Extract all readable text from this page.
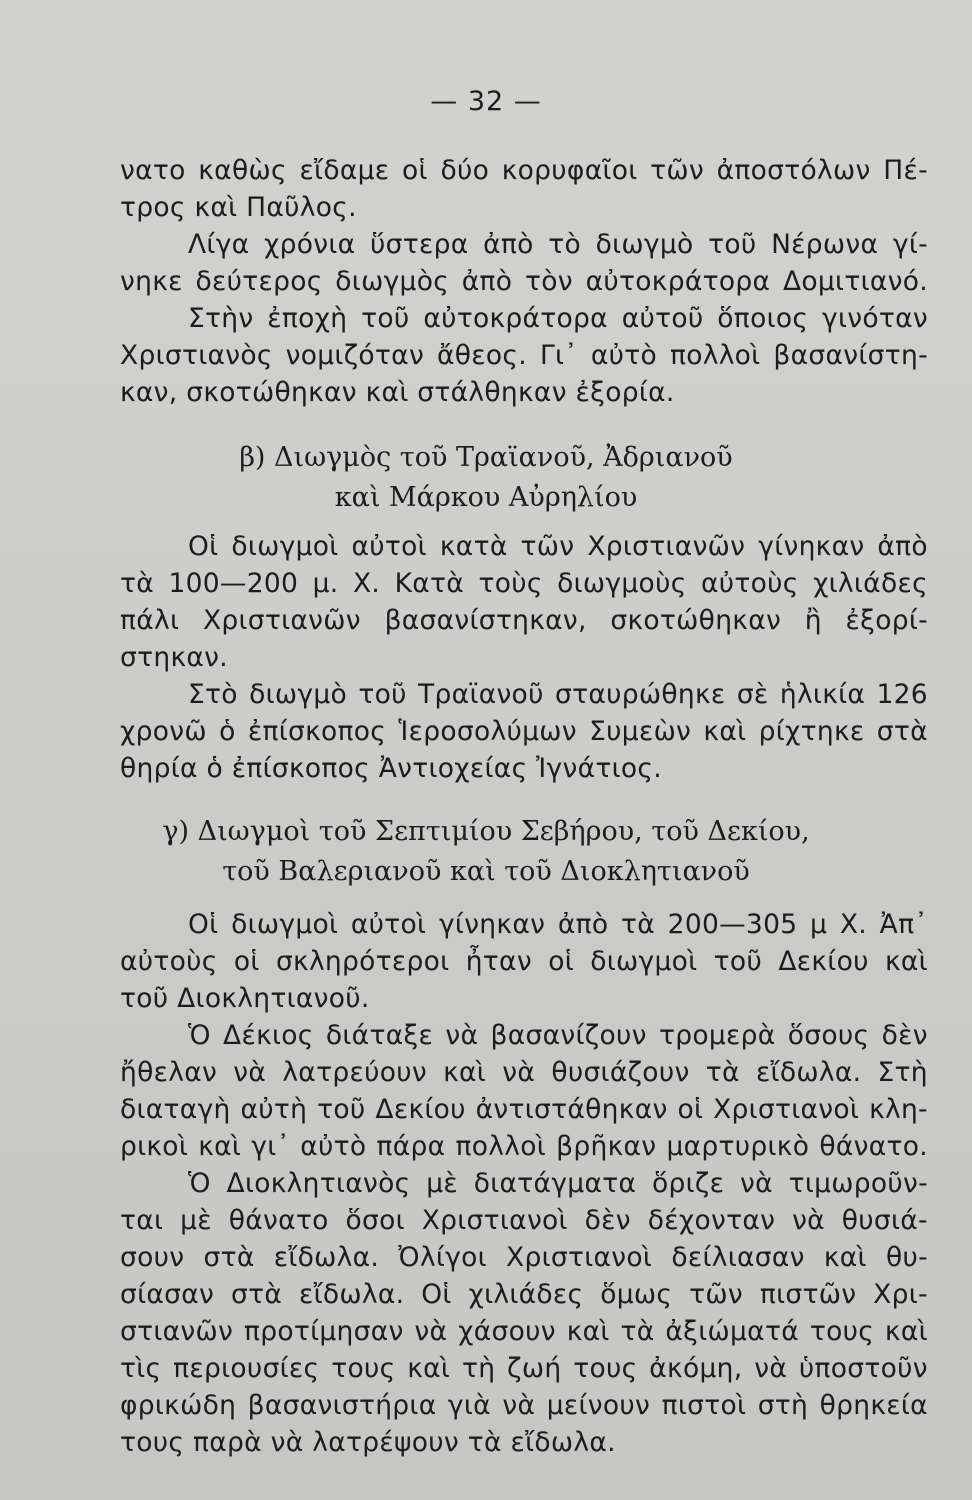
— 32 —
νατο καθὼς εἴδαμε οἱ δύο κορυφαῖοι τῶν ἀποστόλων Πέ-
τρος καὶ Παῦλος.
Λίγα χρόνια ὕστερα ἀπὸ τὸ διωγμὸ τοῦ Νέρωνα γί-
νηκε δεύτερος διωγμὸς ἀπὸ τὸν αὐτοκράτορα Δομιτιανό.
Στὴν ἐποχὴ τοῦ αὐτοκράτορα αὐτοῦ ὅποιος γινόταν
Χριστιανὸς νομιζόταν ἄθεος. Γι᾽ αὐτὸ πολλοὶ βασανίστη-
καν, σκοτώθηκαν καὶ στάλθηκαν ἐξορία.
β) Διωγμὸς τοῦ Τραϊανοῦ, Ἀδριανοῦ
καὶ Μάρκου Αὐρηλίου
Οἱ διωγμοὶ αὐτοὶ κατὰ τῶν Χριστιανῶν γίνηκαν ἀπὸ
τὰ 100—200 μ. Χ. Κατὰ τοὺς διωγμοὺς αὐτοὺς χιλιάδες
πάλι Χριστιανῶν βασανίστηκαν, σκοτώθηκαν ἢ ἐξορί-
στηκαν.
Στὸ διωγμὸ τοῦ Τραϊανοῦ σταυρώθηκε σὲ ἡλικία 126
χρονῶ ὁ ἐπίσκοπος Ἱεροσολύμων Συμεὼν καὶ ρίχτηκε στὰ
θηρία ὁ ἐπίσκοπος Ἀντιοχείας Ἰγνάτιος.
γ) Διωγμοὶ τοῦ Σεπτιμίου Σεβήρου, τοῦ Δεκίου,
τοῦ Βαλεριανοῦ καὶ τοῦ Διοκλητιανοῦ
Οἱ διωγμοὶ αὐτοὶ γίνηκαν ἀπὸ τὰ 200—305 μ Χ. Ἀπ᾽
αὐτοὺς οἱ σκληρότεροι ἦταν οἱ διωγμοὶ τοῦ Δεκίου καὶ
τοῦ Διοκλητιανοῦ.
Ὁ Δέκιος διάταξε νὰ βασανίζουν τρομερὰ ὅσους δὲν
ἤθελαν νὰ λατρεύουν καὶ νὰ θυσιάζουν τὰ εἴδωλα. Στὴ
διαταγὴ αὐτὴ τοῦ Δεκίου ἀντιστάθηκαν οἱ Χριστιανοὶ κλη-
ρικοὶ καὶ γι᾽ αὐτὸ πάρα πολλοὶ βρῆκαν μαρτυρικὸ θάνατο.
Ὁ Διοκλητιανὸς μὲ διατάγματα ὅριζε νὰ τιμωροῦν-
ται μὲ θάνατο ὅσοι Χριστιανοὶ δὲν δέχονταν νὰ θυσιά-
σουν στὰ εἴδωλα. Ὀλίγοι Χριστιανοὶ δείλιασαν καὶ θυ-
σίασαν στὰ εἴδωλα. Οἱ χιλιάδες ὅμως τῶν πιστῶν Χρι-
στιανῶν προτίμησαν νὰ χάσουν καὶ τὰ ἀξιώματά τους καὶ
τὶς περιουσίες τους καὶ τὴ ζωή τους ἀκόμη, νὰ ὑποστοῦν
φρικώδη βασανιστήρια γιὰ νὰ μείνουν πιστοὶ στὴ θρηκεία
τους παρὰ νὰ λατρέψουν τὰ εἴδωλα.
